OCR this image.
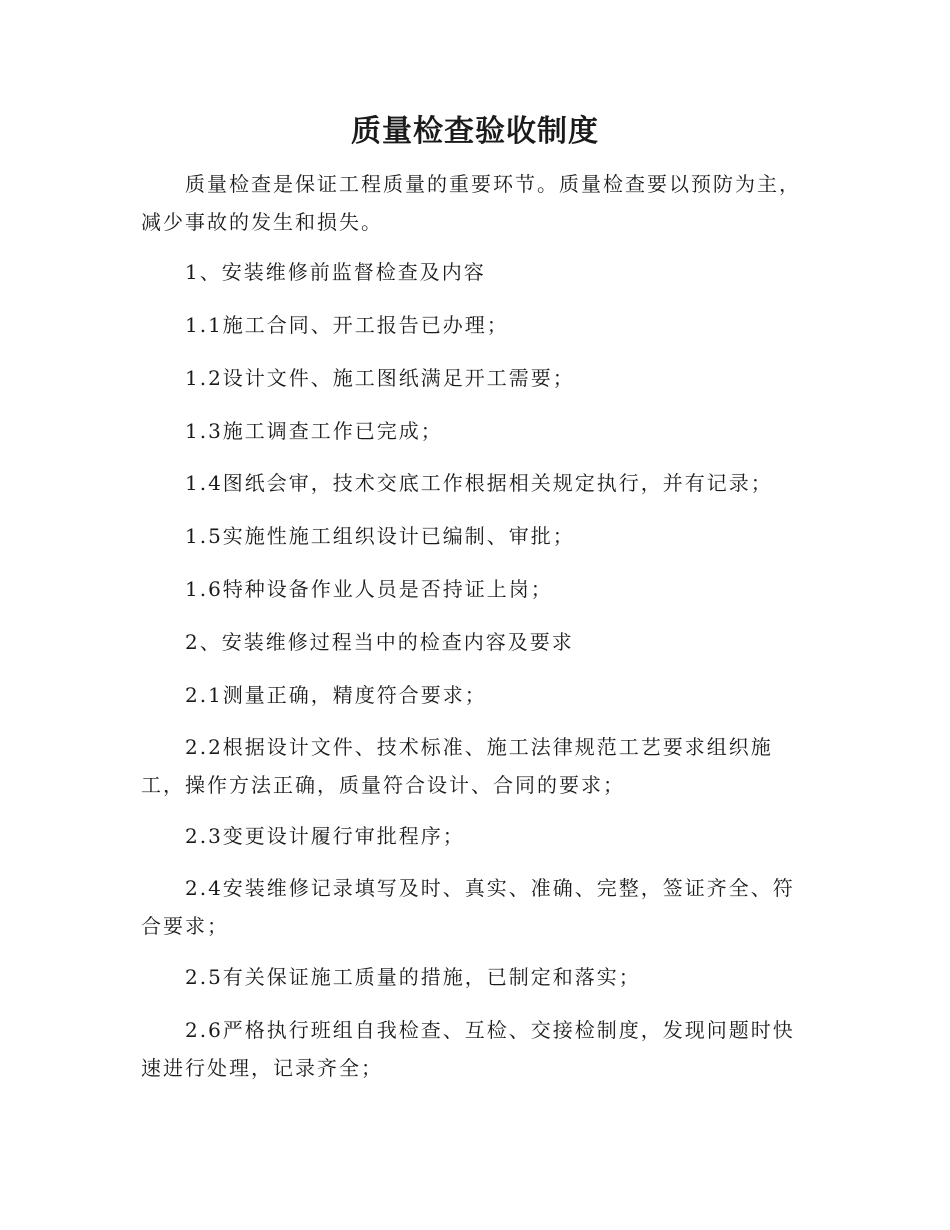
质量检查验收制度

质量检查是保证工程质量的重要环节。质量检查要以预防为主，减少事故的发生和损失。

1、安装维修前监督检查及内容

1.1施工合同、开工报告已办理；

1.2设计文件、施工图纸满足开工需要；

1.3施工调查工作已完成；

1.4图纸会审，技术交底工作根据相关规定执行，并有记录；

1.5实施性施工组织设计已编制、审批；

1.6特种设备作业人员是否持证上岗；

2、安装维修过程当中的检查内容及要求

2.1测量正确，精度符合要求；

2.2根据设计文件、技术标准、施工法律规范工艺要求组织施工，操作方法正确，质量符合设计、合同的要求；

2.3变更设计履行审批程序；

2.4安装维修记录填写及时、真实、准确、完整，签证齐全、符合要求；

2.5有关保证施工质量的措施，已制定和落实；

2.6严格执行班组自我检查、互检、交接检制度，发现问题时快速进行处理，记录齐全；
